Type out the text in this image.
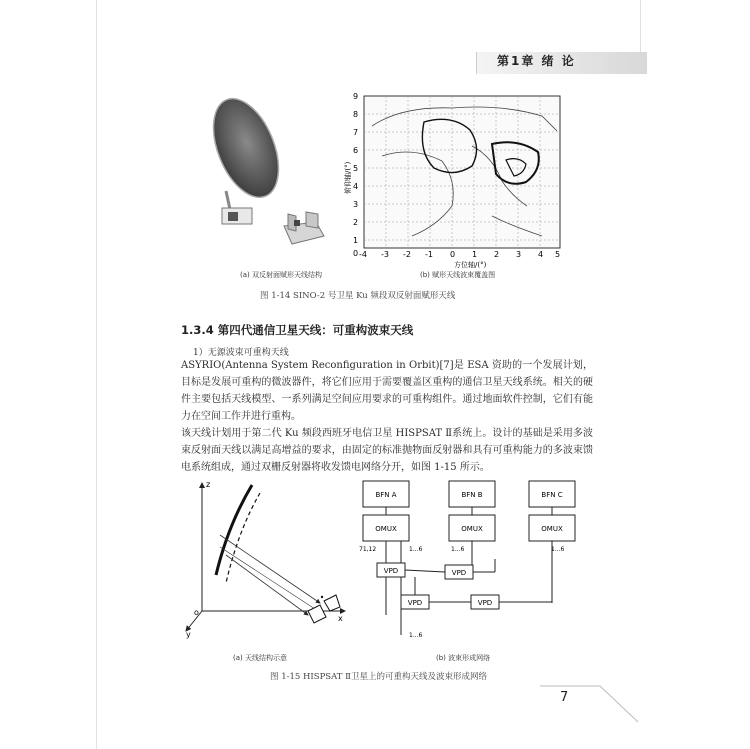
第1章 绪 论
(a) 双反射面赋形天线结构
9
8
7
6
5
4
3
2
1
0
俯仰轴/(°)
-4 -3 -2 -1 0 1 2 3 4 5
方位轴/(°)
(b) 赋形天线波束覆盖图
图 1-14 SINO-2 号卫星 Ku 频段双反射面赋形天线
1.3.4 第四代通信卫星天线：可重构波束天线
1）无源波束可重构天线
ASYRIO(Antenna System Reconfiguration in Orbit)[7]是 ESA 资助的一个发展计划，目标是发展可重构的微波器件，将它们应用于需要覆盖区重构的通信卫星天线系统。相关的硬件主要包括天线模型、一系列满足空间应用要求的可重构组件。通过地面软件控制，它们有能力在空间工作并进行重构。
该天线计划用于第二代 Ku 频段西班牙电信卫星 HISPSAT Ⅱ系统上。设计的基础是采用多波束反射面天线以满足高增益的要求，由固定的标准抛物面反射器和具有可重构能力的多波束馈电系统组成，通过双栅反射器将收发馈电网络分开，如图 1-15 所示。
z
x
y
o
(a) 天线结构示意
BFN A	BFN B	BFN C
OMUX	OMUX	OMUX
71,12	1...6	1...6	1...6
VPD	VPD
VPD	VPD
1...6
(b) 波束形成网络
图 1-15 HISPSAT Ⅱ卫星上的可重构天线及波束形成网络
7
